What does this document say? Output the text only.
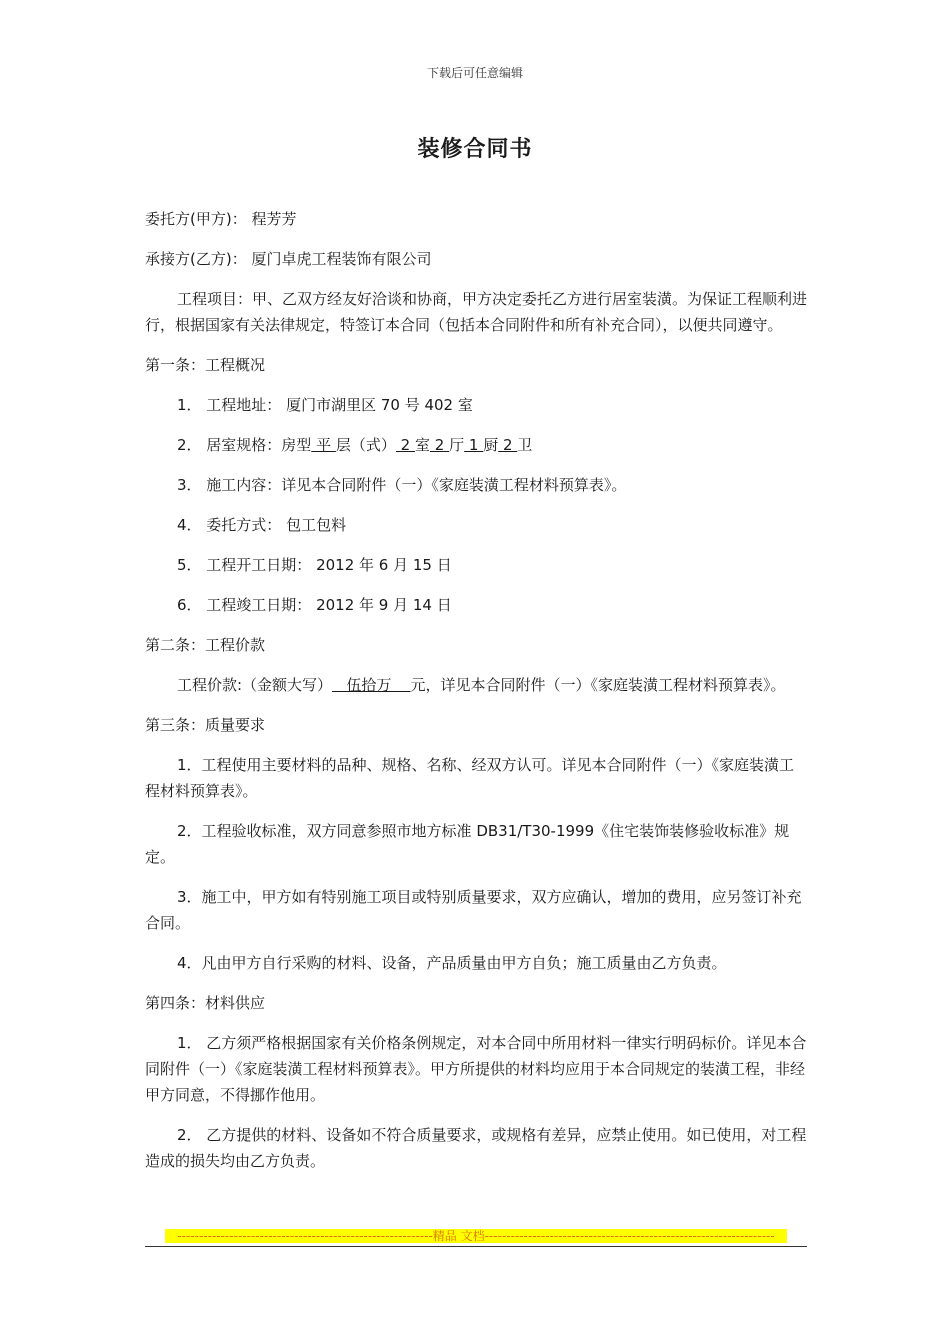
下载后可任意编辑
装修合同书

委托方(甲方)： 程芳芳

承接方(乙方)： 厦门卓虎工程装饰有限公司

工程项目：甲、乙双方经友好洽谈和协商，甲方决定委托乙方进行居室装潢。为保证工程顺利进行，根据国家有关法律规定，特签订本合同（包括本合同附件和所有补充合同），以便共同遵守。

第一条：工程概况

1． 工程地址： 厦门市湖里区 70 号 402 室

2． 居室规格：房型 平 层（式） 2 室 2 厅 1 厨 2 卫

3． 施工内容：详见本合同附件（一）《家庭装潢工程材料预算表》。

4． 委托方式： 包工包料

5． 工程开工日期： 2012 年 6 月 15 日

6． 工程竣工日期： 2012 年 9 月 14 日

第二条：工程价款

工程价款:（金额大写）   伍拾万    元，详见本合同附件（一）《家庭装潢工程材料预算表》。

第三条：质量要求

1．工程使用主要材料的品种、规格、名称、经双方认可。详见本合同附件（一）《家庭装潢工程材料预算表》。

2．工程验收标准，双方同意参照市地方标准 DB31/T30-1999《住宅装饰装修验收标准》规定。

3．施工中，甲方如有特别施工项目或特别质量要求，双方应确认，增加的费用，应另签订补充合同。

4．凡由甲方自行采购的材料、设备，产品质量由甲方自负；施工质量由乙方负责。

第四条：材料供应

1． 乙方须严格根据国家有关价格条例规定，对本合同中所用材料一律实行明码标价。详见本合同附件（一）《家庭装潢工程材料预算表》。甲方所提供的材料均应用于本合同规定的装潢工程，非经甲方同意，不得挪作他用。

2． 乙方提供的材料、设备如不符合质量要求，或规格有差异，应禁止使用。如已使用，对工程造成的损失均由乙方负责。

-----------------------------------------------------------精品 文档-------------------------------------------------------------------
